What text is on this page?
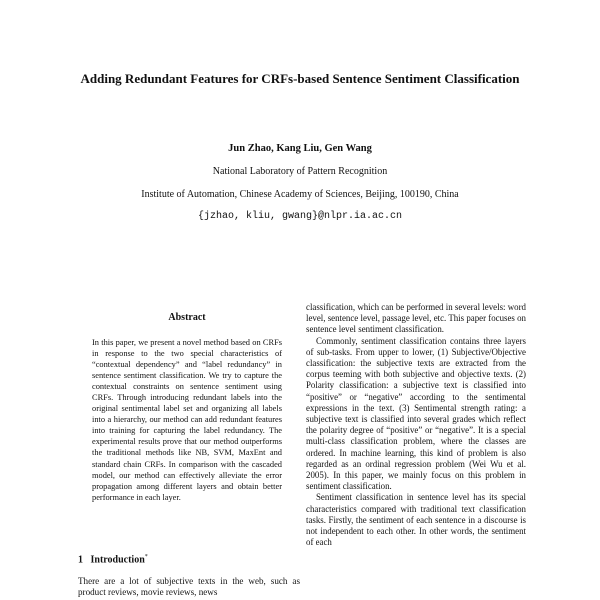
Adding Redundant Features for CRFs-based Sentence Sentiment Classification
Jun Zhao, Kang Liu, Gen Wang
National Laboratory of Pattern Recognition
Institute of Automation, Chinese Academy of Sciences, Beijing, 100190, China
{jzhao, kliu, gwang}@nlpr.ia.ac.cn
Abstract

In this paper, we present a novel method based on CRFs in response to the two special characteristics of “contextual dependency” and “label redundancy” in sentence sentiment classification. We try to capture the contextual constraints on sentence sentiment using CRFs. Through introducing redundant labels into the original sentimental label set and organizing all labels into a hierarchy, our method can add redundant features into training for capturing the label redundancy. The experimental results prove that our method outperforms the traditional methods like NB, SVM, MaxEnt and standard chain CRFs. In comparison with the cascaded model, our method can effectively alleviate the error propagation among different layers and obtain better performance in each layer.

1 Introduction*

There are a lot of subjective texts in the web, such as product reviews, movie reviews, news

classification, which can be performed in several levels: word level, sentence level, passage level, etc. This paper focuses on sentence level sentiment classification.

Commonly, sentiment classification contains three layers of sub-tasks. From upper to lower, (1) Subjective/Objective classification: the subjective texts are extracted from the corpus teeming with both subjective and objective texts. (2) Polarity classification: a subjective text is classified into “positive” or “negative” according to the sentimental expressions in the text. (3) Sentimental strength rating: a subjective text is classified into several grades which reflect the polarity degree of “positive” or “negative”. It is a special multi-class classification problem, where the classes are ordered. In machine learning, this kind of problem is also regarded as an ordinal regression problem (Wei Wu et al. 2005). In this paper, we mainly focus on this problem in sentiment classification.

Sentiment classification in sentence level has its special characteristics compared with traditional text classification tasks. Firstly, the sentiment of each sentence in a discourse is not independent to each other. In other words, the sentiment of each
